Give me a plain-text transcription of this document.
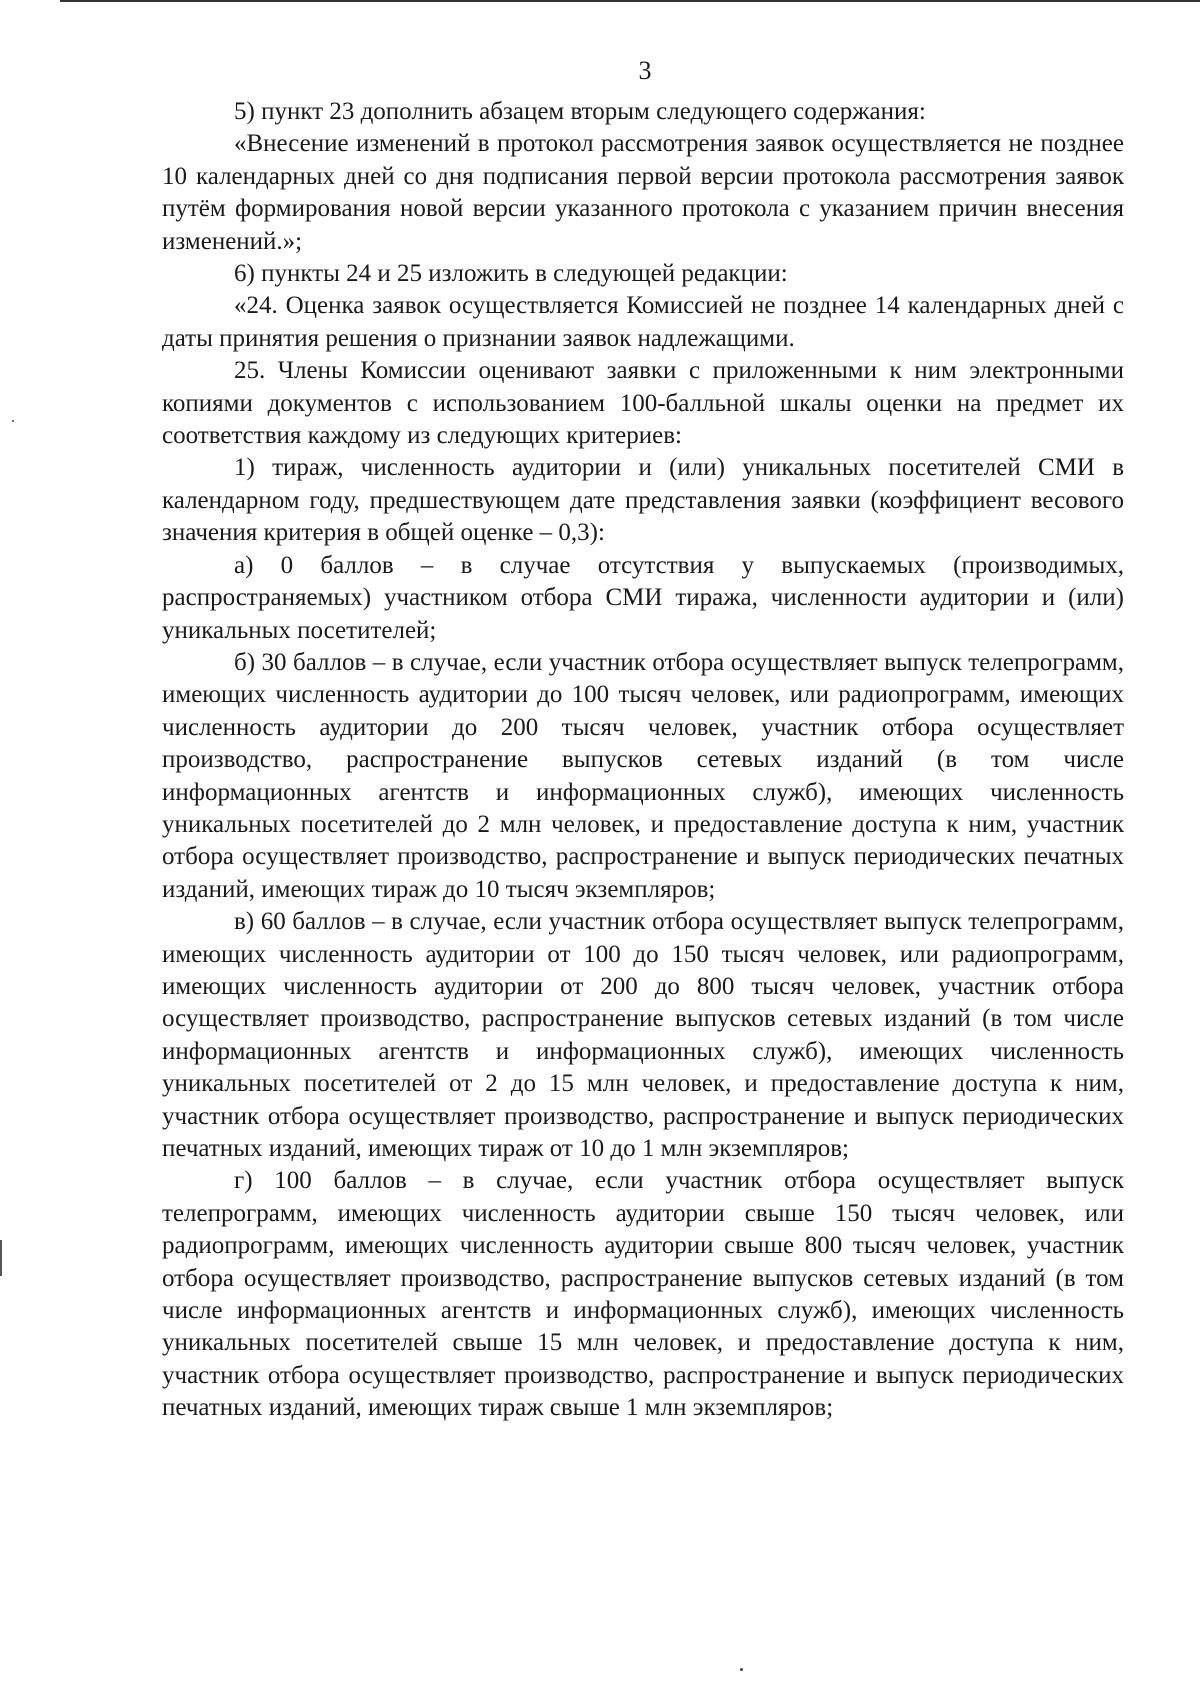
3

5) пункт 23 дополнить абзацем вторым следующего содержания:

«Внесение изменений в протокол рассмотрения заявок осуществляется не позднее 10 календарных дней со дня подписания первой версии протокола рассмотрения заявок путём формирования новой версии указанного протокола с указанием причин внесения изменений.»;

6) пункты 24 и 25 изложить в следующей редакции:

«24. Оценка заявок осуществляется Комиссией не позднее 14 календарных дней с даты принятия решения о признании заявок надлежащими.

25. Члены Комиссии оценивают заявки с приложенными к ним электронными копиями документов с использованием 100-балльной шкалы оценки на предмет их соответствия каждому из следующих критериев:

1) тираж, численность аудитории и (или) уникальных посетителей СМИ в календарном году, предшествующем дате представления заявки (коэффициент весового значения критерия в общей оценке – 0,3):

а) 0 баллов – в случае отсутствия у выпускаемых (производимых, распространяемых) участником отбора СМИ тиража, численности аудитории и (или) уникальных посетителей;

б) 30 баллов – в случае, если участник отбора осуществляет выпуск телепрограмм, имеющих численность аудитории до 100 тысяч человек, или радиопрограмм, имеющих численность аудитории до 200 тысяч человек, участник отбора осуществляет производство, распространение выпусков сетевых изданий (в том числе информационных агентств и информационных служб), имеющих численность уникальных посетителей до 2 млн человек, и предоставление доступа к ним, участник отбора осуществляет производство, распространение и выпуск периодических печатных изданий, имеющих тираж до 10 тысяч экземпляров;

в) 60 баллов – в случае, если участник отбора осуществляет выпуск телепрограмм, имеющих численность аудитории от 100 до 150 тысяч человек, или радиопрограмм, имеющих численность аудитории от 200 до 800 тысяч человек, участник отбора осуществляет производство, распространение выпусков сетевых изданий (в том числе информационных агентств и информационных служб), имеющих численность уникальных посетителей от 2 до 15 млн человек, и предоставление доступа к ним, участник отбора осуществляет производство, распространение и выпуск периодических печатных изданий, имеющих тираж от 10 до 1 млн экземпляров;

г) 100 баллов – в случае, если участник отбора осуществляет выпуск телепрограмм, имеющих численность аудитории свыше 150 тысяч человек, или радиопрограмм, имеющих численность аудитории свыше 800 тысяч человек, участник отбора осуществляет производство, распространение выпусков сетевых изданий (в том числе информационных агентств и информационных служб), имеющих численность уникальных посетителей свыше 15 млн человек, и предоставление доступа к ним, участник отбора осуществляет производство, распространение и выпуск периодических печатных изданий, имеющих тираж свыше 1 млн экземпляров;
